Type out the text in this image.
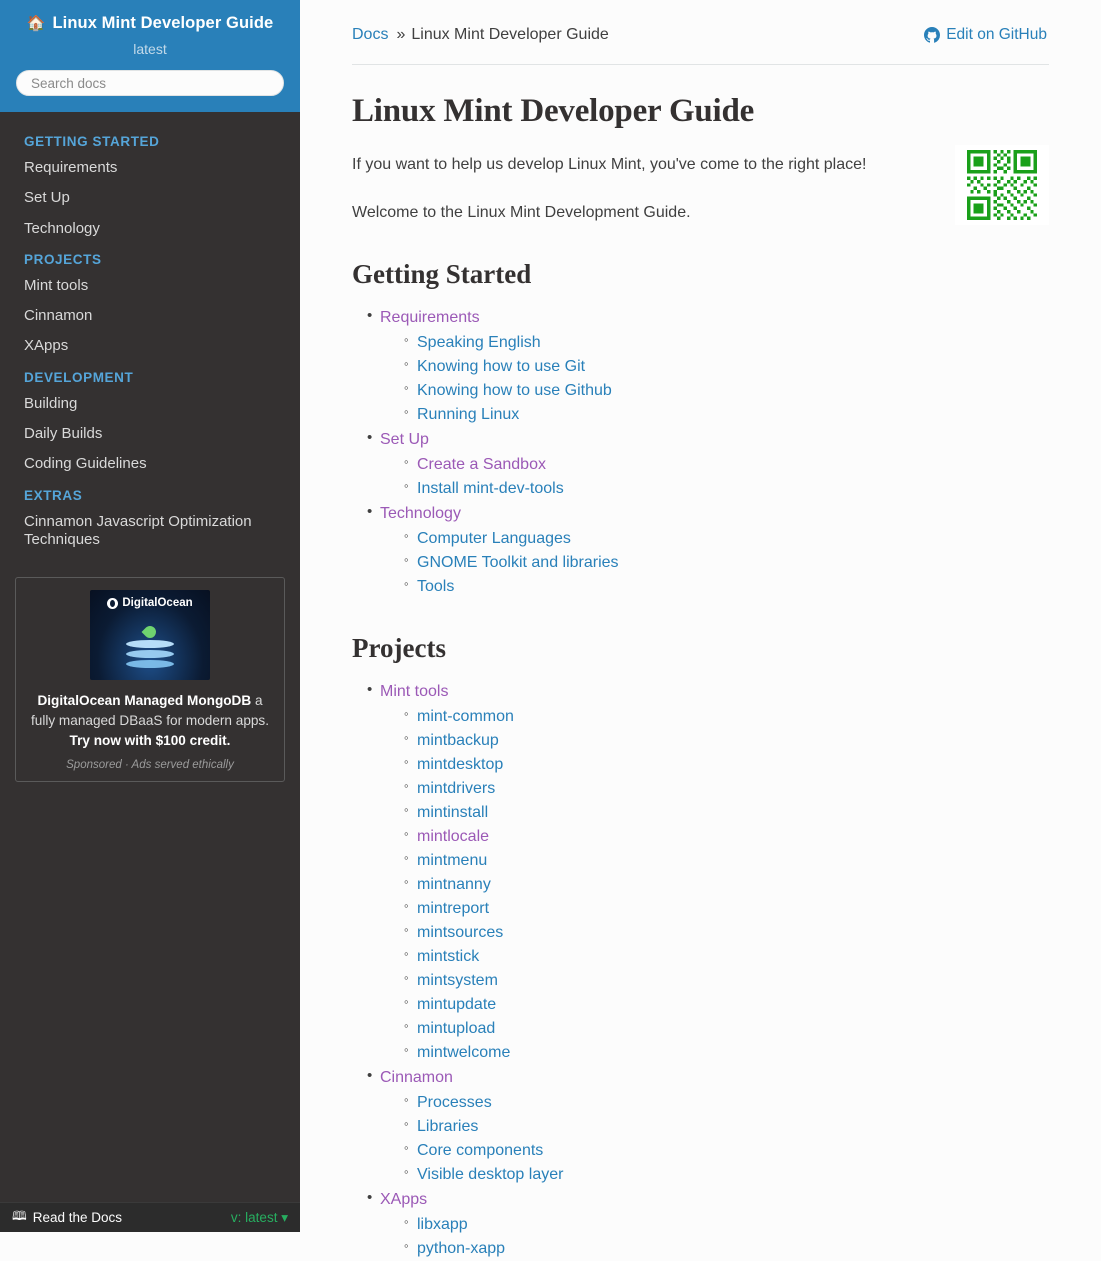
🏠 Linux Mint Developer Guide
latest
Search docs
GETTING STARTED
Requirements
Set Up
Technology
PROJECTS
Mint tools
Cinnamon
XApps
DEVELOPMENT
Building
Daily Builds
Coding Guidelines
EXTRAS
Cinnamon Javascript Optimization Techniques
DigitalOcean
DigitalOcean Managed MongoDB a fully managed DBaaS for modern apps. Try now with $100 credit.
Sponsored · Ads served ethically
🕮 Read the Docs	v: latest ▾
Docs » Linux Mint Developer Guide	Edit on GitHub
Linux Mint Developer Guide

If you want to help us develop Linux Mint, you've come to the right place!

Welcome to the Linux Mint Development Guide.

Getting Started
• Requirements
◦ Speaking English
◦ Knowing how to use Git
◦ Knowing how to use Github
◦ Running Linux
• Set Up
◦ Create a Sandbox
◦ Install mint-dev-tools
• Technology
◦ Computer Languages
◦ GNOME Toolkit and libraries
◦ Tools
Projects
• Mint tools
◦ mint-common
◦ mintbackup
◦ mintdesktop
◦ mintdrivers
◦ mintinstall
◦ mintlocale
◦ mintmenu
◦ mintnanny
◦ mintreport
◦ mintsources
◦ mintstick
◦ mintsystem
◦ mintupdate
◦ mintupload
◦ mintwelcome
• Cinnamon
◦ Processes
◦ Libraries
◦ Core components
◦ Visible desktop layer
• XApps
◦ libxapp
◦ python-xapp
